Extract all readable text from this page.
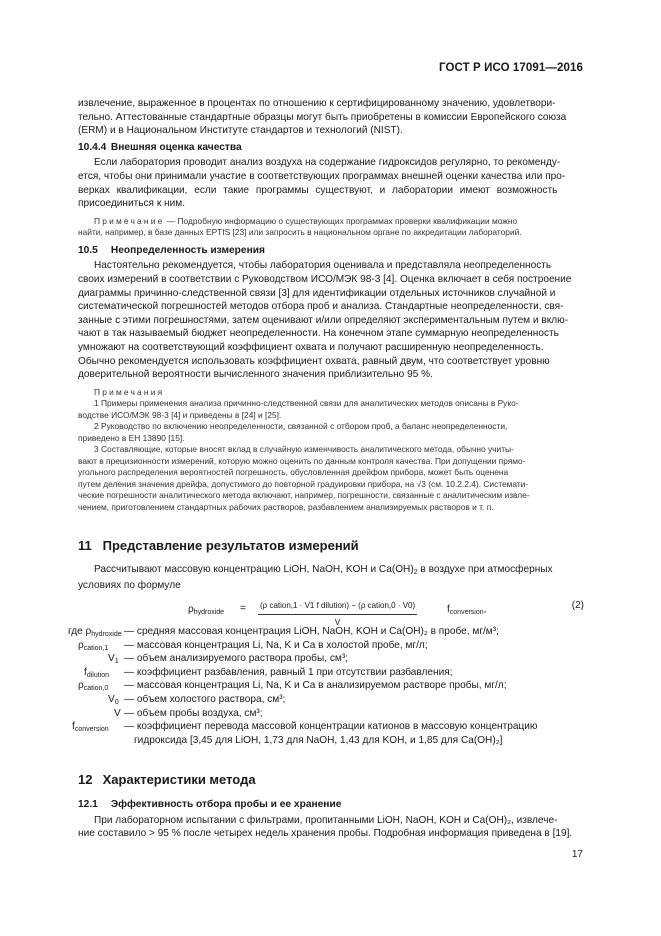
ГОСТ Р ИСО 17091—2016

извлечение, выраженное в процентах по отношению к сертифицированному значению, удовлетвори-

тельно. Аттестованные стандартные образцы могут быть приобретены в комиссии Европейского союза

(ERM) и в Национальном Институте стандартов и технологий (NIST).

10.4.4 Внешняя оценка качества

Если лаборатория проводит анализ воздуха на содержание гидроксидов регулярно, то рекоменду-

ется, чтобы они принимали участие в соответствующих программах внешней оценки качества или про-

верках квалификации, если такие программы существуют, и лаборатории имеют возможность

присоединиться к ним.

Примечание — Подробную информацию о существующих программах проверки квалификации можно

найти, например, в базе данных EPTIS [23] или запросить в национальном органе по аккредитации лабораторий.

10.5 Неопределенность измерения

Настоятельно рекомендуется, чтобы лаборатория оценивала и представляла неопределенность

своих измерений в соответствии с Руководством ИСО/МЭК 98-3 [4]. Оценка включает в себя построение

диаграммы причинно-следственной связи [3] для идентификации отдельных источников случайной и

систематической погрешностей методов отбора проб и анализа. Стандартные неопределенности, свя-

занные с этими погрешностями, затем оценивают и/или определяют экспериментальным путем и вклю-

чают в так называемый бюджет неопределенности. На конечном этапе суммарную неопределенность

умножают на соответствующий коэффициент охвата и получают расширенную неопределенность.

Обычно рекомендуется использовать коэффициент охвата, равный двум, что соответствует уровню

доверительной вероятности вычисленного значения приблизительно 95 %.

Примечания

1 Примеры применения анализа причинно-следственной связи для аналитических методов описаны в Руко-

водстве ИСО/МЭК 98-3 [4] и приведены в [24] и [25].

2 Руководство по включению неопределенности, связанной с отбором проб, а баланс неопределенности,

приведено в ЕН 13890 [15].

3 Составляющие, которые вносят вклад в случайную изменчивость аналитического метода, обычно учиты-

вают в прецизионности измерений, которую можно оценить по данным контроля качества. При допущении прямо-

угольного распределения вероятностей погрешность, обусловленная дрейфом прибора, может быть оценена

путем деления значения дрейфа, допустимого до повторной градуировки прибора, на √3 (см. 10.2.2.4). Системати-

ческие погрешности аналитического метода включают, например, погрешности, связанные с аналитическим извле-

чением, приготовлением стандартных рабочих растворов, разбавлением анализируемых растворов и т. п.

11 Представление результатов измерений

Рассчитывают массовую концентрацию LiOH, NaOH, KOH и $Ca(OH)_2$ в воздухе при атмосферных

условиях по формуле

$\rho_{hydroxide} = (\rho$ cation,1 · V1 f dilution) − (ρ cation,0 · V0)
V
$f_{conversion}$,	(2)
где $\rho_{hydroxide}$ — средняя массовая концентрация LiOH, NaOH, KOH и Ca(OH)₂ в пробе, мг/м³;
$\rho_{cation,1}$ — массовая концентрация Li, Na, K и Ca в холостой пробе, мг/л;
$V_1$ — объем анализируемого раствора пробы, см³;
$f_{dilution}$ — коэффициент разбавления, равный 1 при отсутствии разбавления;
$\rho_{cation,0}$ — массовая концентрация Li, Na, K и Ca в анализируемом растворе пробы, мг/л;
$V_0$ — объем холостого раствора, см³;
V — объем пробы воздуха, см³;
$f_{conversion}$ — коэффициент перевода массовой концентрации катионов в массовую концентрацию
гидроксида [3,45 для LiOH, 1,73 для NaOH, 1,43 для KOH, и 1,85 для Ca(OH)₂]
12 Характеристики метода
12.1 Эффективность отбора пробы и ее хранение

При лабораторном испытании с фильтрами, пропитанными LiOH, NaOH, KOH и Ca(OH)₂, извлече-

ние составило > 95 % после четырех недель хранения пробы. Подробная информация приведена в [19].

17
